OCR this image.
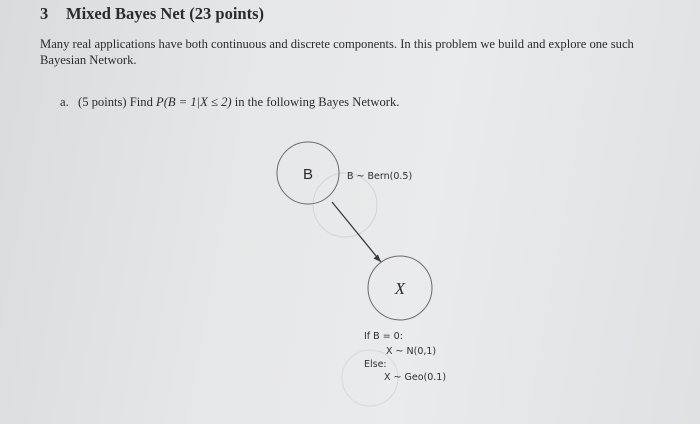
3 Mixed Bayes Net (23 points)
Many real applications have both continuous and discrete components. In this problem we build and explore one such Bayesian Network.
a. (5 points) Find P(B = 1|X ≤ 2) in the following Bayes Network.
B
X
B ~ Bern(0.5)
If B = 0:
X ~ N(0,1)
Else:
X ~ Geo(0.1)
